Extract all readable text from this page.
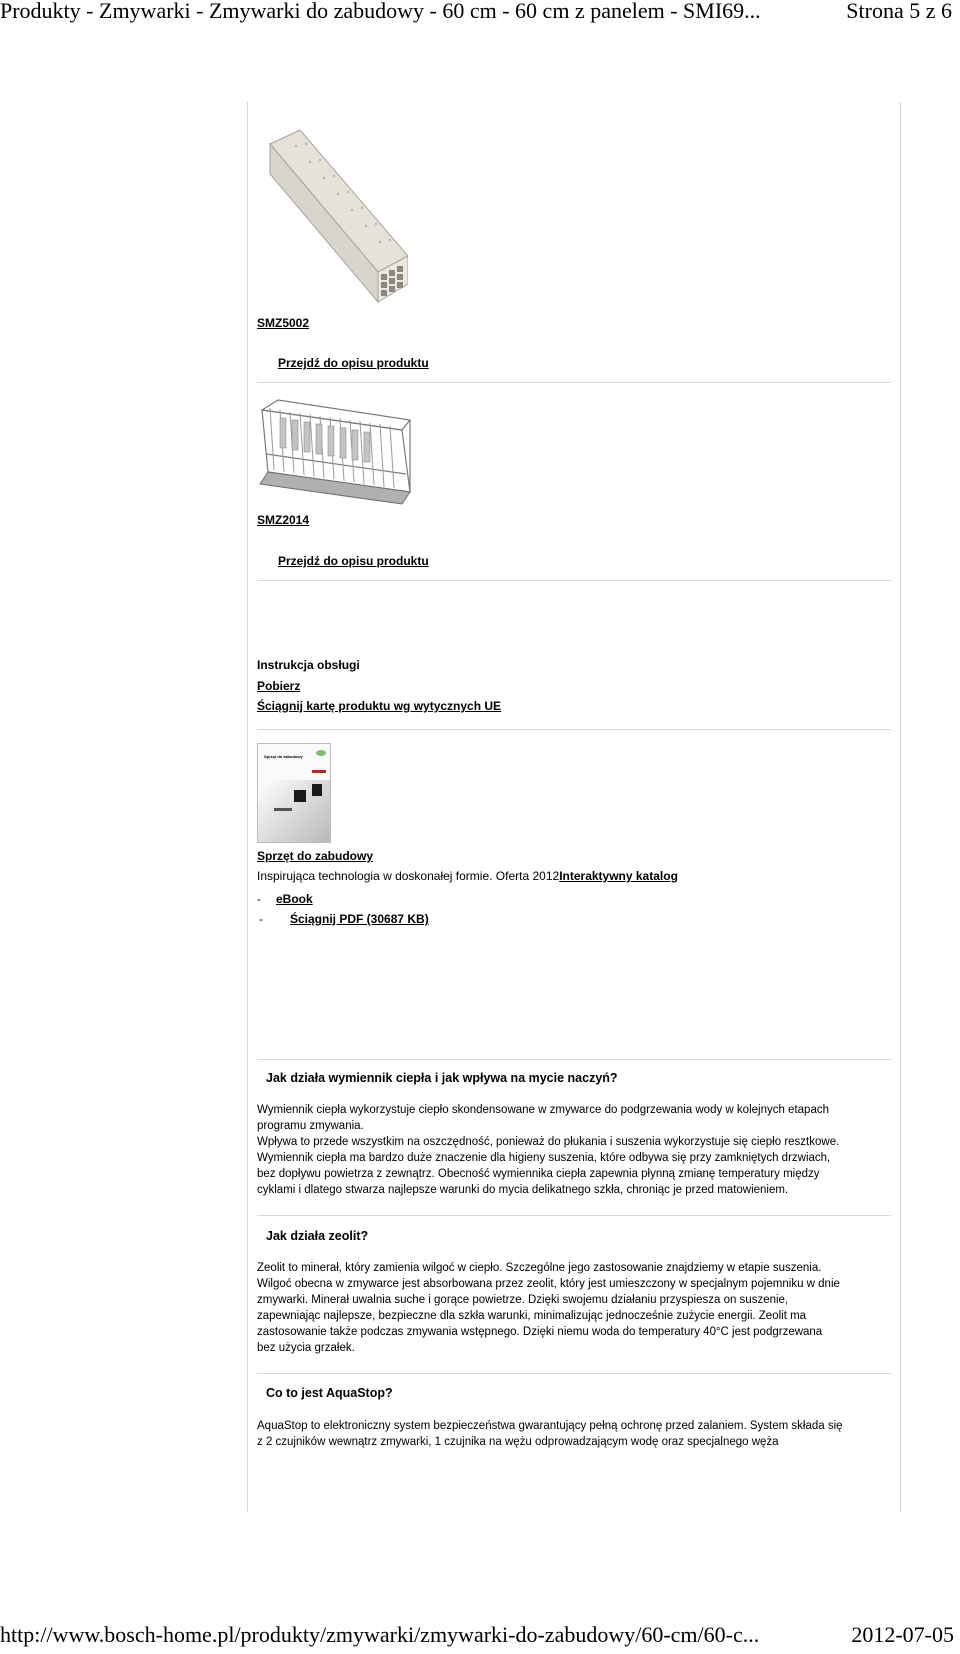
Produkty - Zmywarki - Zmywarki do zabudowy - 60 cm - 60 cm z panelem - SMI69...	Strona 5 z 6
SMZ5002
Przejdź do opisu produktu
SMZ2014
Przejdź do opisu produktu
Instrukcja obsługi
Pobierz
Ściągnij kartę produktu wg wytycznych UE
Sprzęt do zabudowy
Sprzęt do zabudowy
Inspirująca technologia w doskonałej formie. Oferta 2012Interaktywny katalog
- eBook
- Ściągnij PDF (30687 KB)
Jak działa wymiennik ciepła i jak wpływa na mycie naczyń?
Wymiennik ciepła wykorzystuje ciepło skondensowane w zmywarce do podgrzewania wody w kolejnych etapach
programu zmywania.
Wpływa to przede wszystkim na oszczędność, ponieważ do płukania i suszenia wykorzystuje się ciepło resztkowe.
Wymiennik ciepła ma bardzo duże znaczenie dla higieny suszenia, które odbywa się przy zamkniętych drzwiach,
bez dopływu powietrza z zewnątrz. Obecność wymiennika ciepła zapewnia płynną zmianę temperatury między
cyklami i dlatego stwarza najlepsze warunki do mycia delikatnego szkła, chroniąc je przed matowieniem.
Jak działa zeolit?
Zeolit to minerał, który zamienia wilgoć w ciepło. Szczególne jego zastosowanie znajdziemy w etapie suszenia.
Wilgoć obecna w zmywarce jest absorbowana przez zeolit, który jest umieszczony w specjalnym pojemniku w dnie
zmywarki. Minerał uwalnia suche i gorące powietrze. Dzięki swojemu działaniu przyspiesza on suszenie,
zapewniając najlepsze, bezpieczne dla szkła warunki, minimalizując jednocześnie zużycie energii. Zeolit ma
zastosowanie także podczas zmywania wstępnego. Dzięki niemu woda do temperatury 40°C jest podgrzewana
bez użycia grzałek.
Co to jest AquaStop?
AquaStop to elektroniczny system bezpieczeństwa gwarantujący pełną ochronę przed zalaniem. System składa się
z 2 czujników wewnątrz zmywarki, 1 czujnika na wężu odprowadzającym wodę oraz specjalnego węża
http://www.bosch-home.pl/produkty/zmywarki/zmywarki-do-zabudowy/60-cm/60-c...	2012-07-05
